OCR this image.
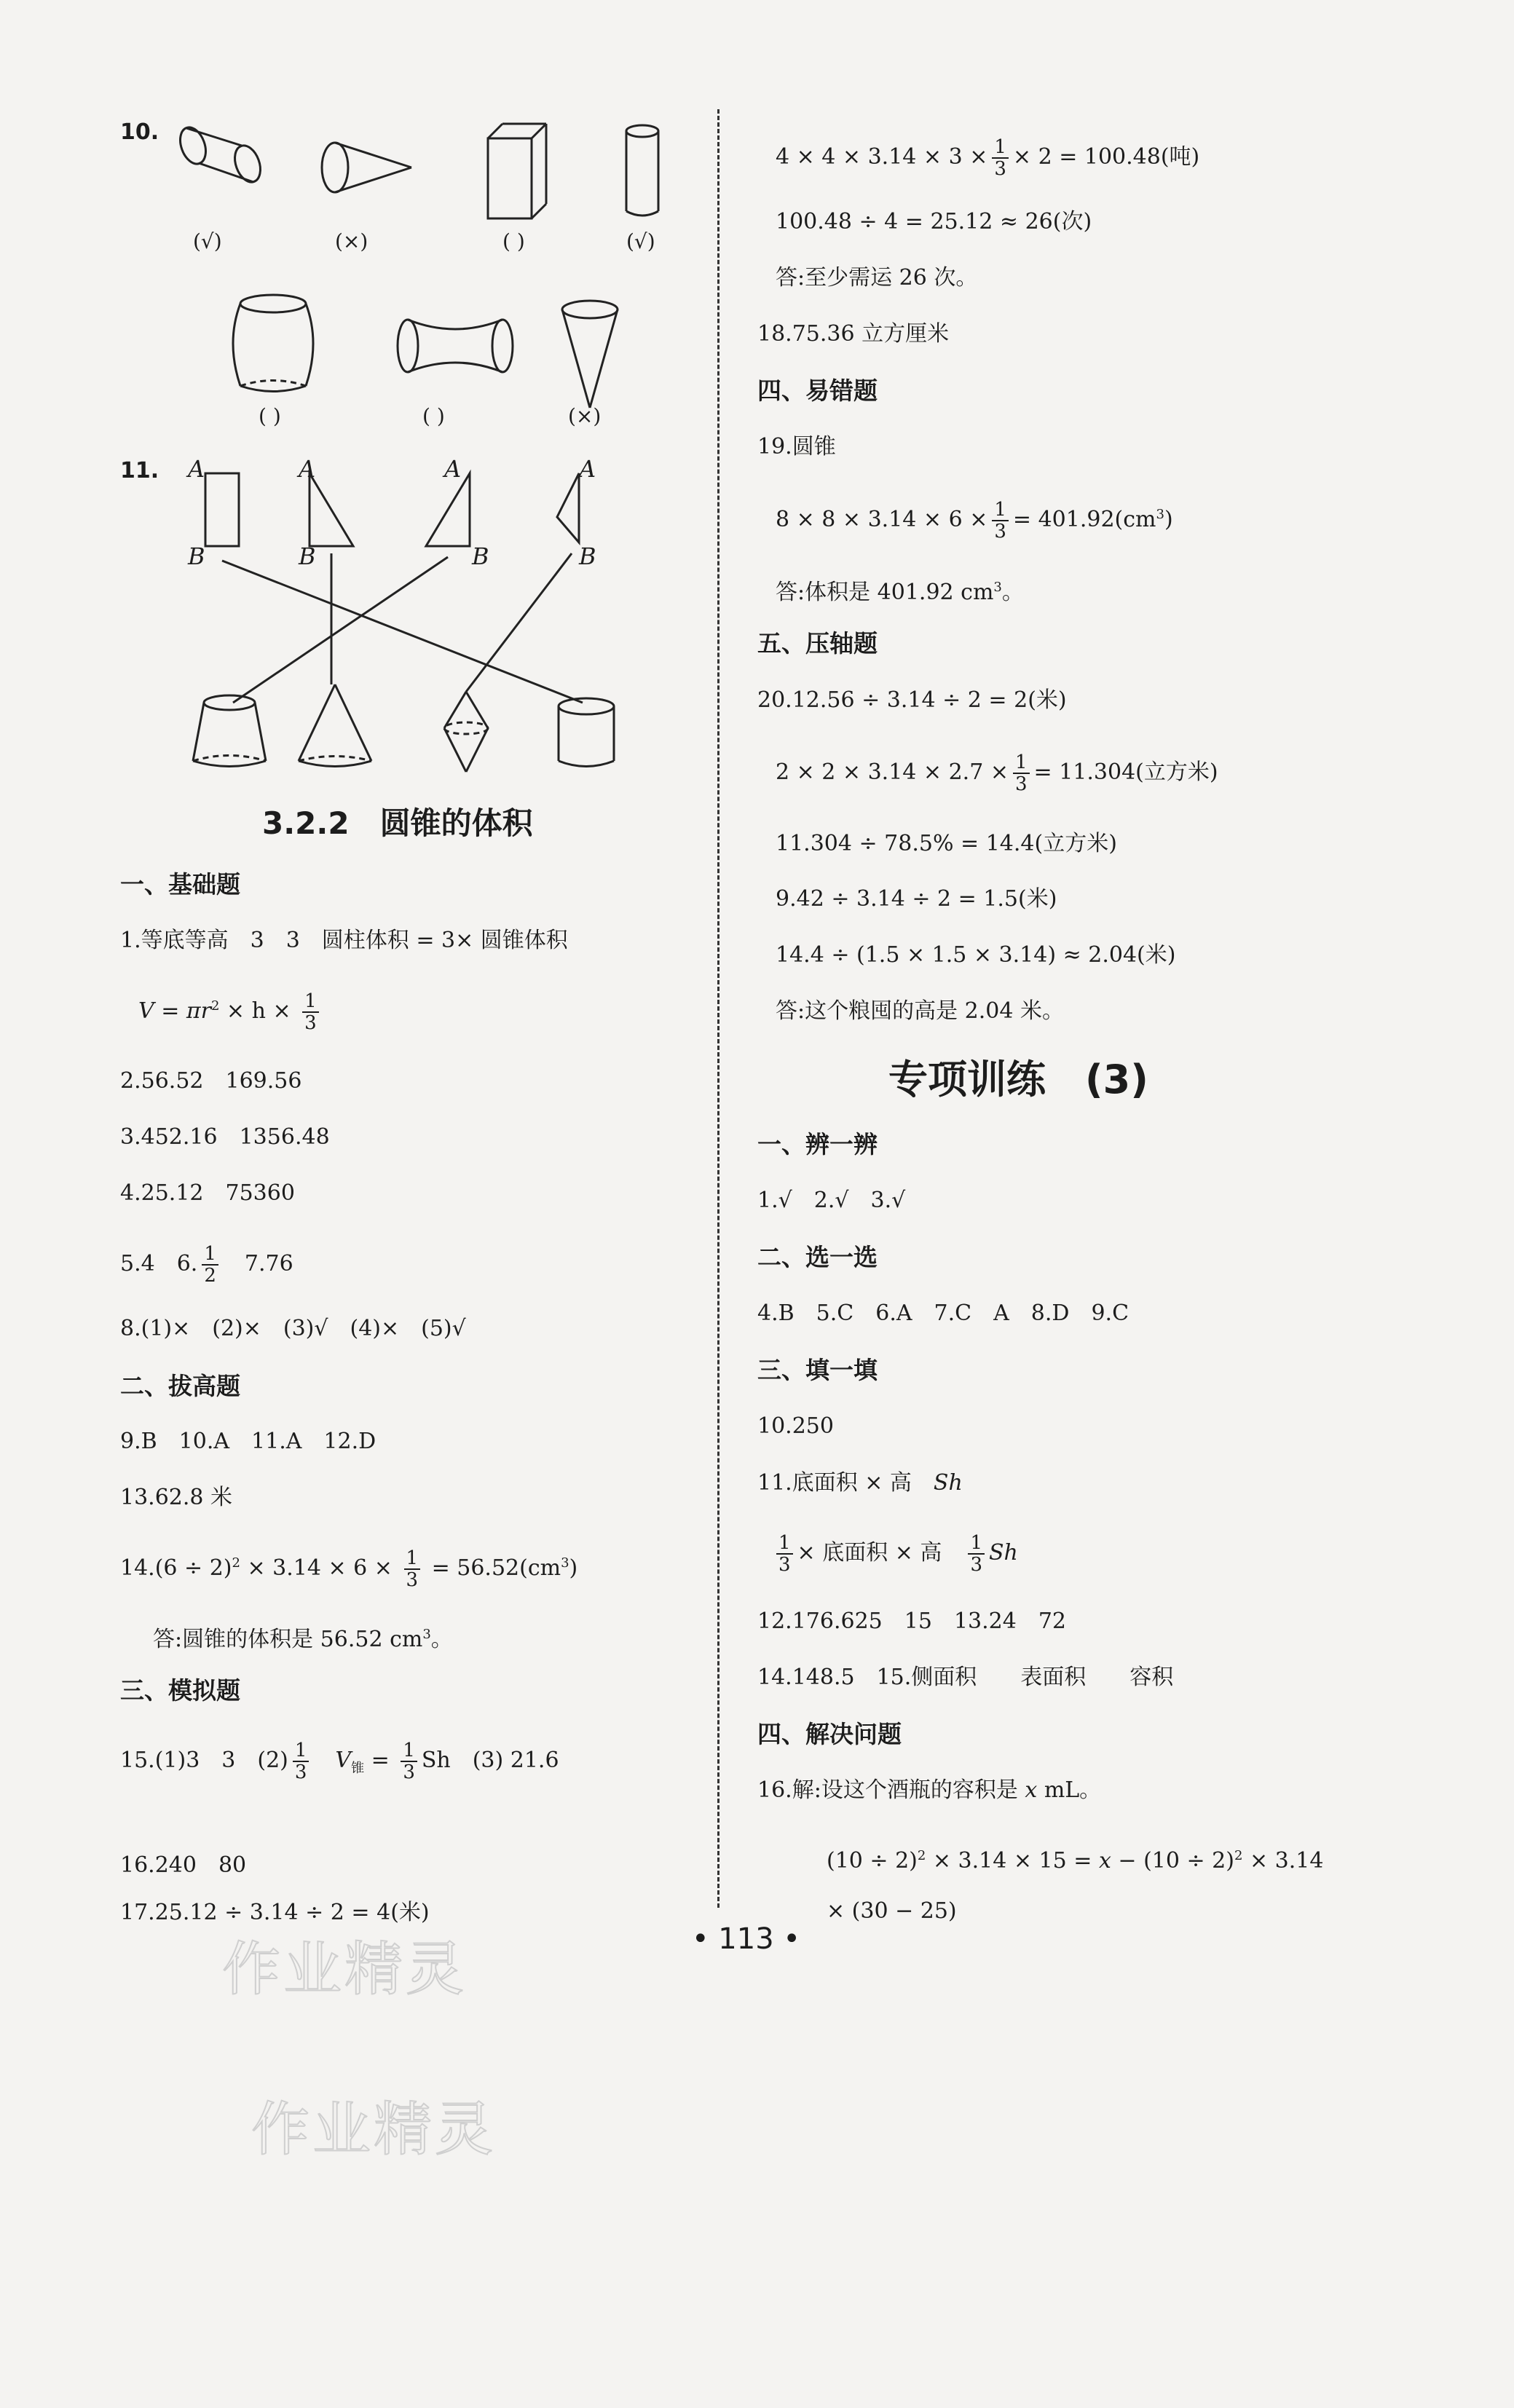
10.
(√)	(×)	( )	(√)
( )	( )	(×)
11. A	A	A	A
B	B	B	B
3.2.2　圆锥的体积
一、基础题
1.等底等高　3　3　圆柱体积 = 3× 圆锥体积
$V = \pi r^2 \times h \times \frac{1}{3}$
2.56.52　169.56
3.452.16　1356.48
4.25.12　75360
5.4　 6. $\frac{1}{2}$
　 7.76
8.(1)×　(2)×　(3)√　(4)×　(5)√
二、拔高题
9.B　10.A　11.A　12.D
13.62.8 米
$14.(6 \div 2)^2 \times 3.14 \times 6 \times \frac{1}{3} = 56.52(cm^3)$
答:圆锥的体积是 56.52 $cm^3$。
三、模拟题
15.(1)3　3　$(2) \frac{1}{3}$
　 $V_锥 = \frac{1}{3}$ Sh　(3) 21.6
16.240　80
17.25.12 ÷ 3.14 ÷ 2 = 4(米)
作业精灵
$4 \times 4 \times 3.14 \times 3 \times \frac{1}{3} \times 2 = 100.48$(吨)
100.48 ÷ 4 = 25.12 ≈ 26(次)
答:至少需运 26 次。
18.75.36 立方厘米
四、易错题
19.圆锥
$8 \times 8 \times 3.14 \times 6 \times \frac{1}{3} = 401.92(cm^3)$
答:体积是 401.92 $cm^3$。
五、压轴题
20.12.56 ÷ 3.14 ÷ 2 = 2(米)
$2 \times 2 \times 3.14 \times 2.7 \times \frac{1}{3} = 11.304$(立方米)
11.304 ÷ 78.5% = 14.4(立方米)
9.42 ÷ 3.14 ÷ 2 = 1.5(米)
14.4 ÷ (1.5 × 1.5 × 3.14) ≈ 2.04(米)
答:这个粮囤的高是 2.04 米。
专项训练　(3)
一、辨一辨
1.√　2.√　3.√
二、选一选
4.B　5.C　6.A　7.C　A　8.D　9.C
三、填一填
10.250
11.底面积 × 高　Sh
$\frac{1}{3}$ × 底面积 × 高　 $\frac{1}{3}$ Sh
12.176.625　15　13.24　72
14.148.5　15.侧面积　　表面积　　容积
四、解决问题
16.解:设这个酒瓶的容积是 x mL。
$(10 \div 2)^2 \times 3.14 \times 15 = x - (10 \div 2)^2 \times 3.14$
× (30 − 25)
• 113 •
作业精灵
